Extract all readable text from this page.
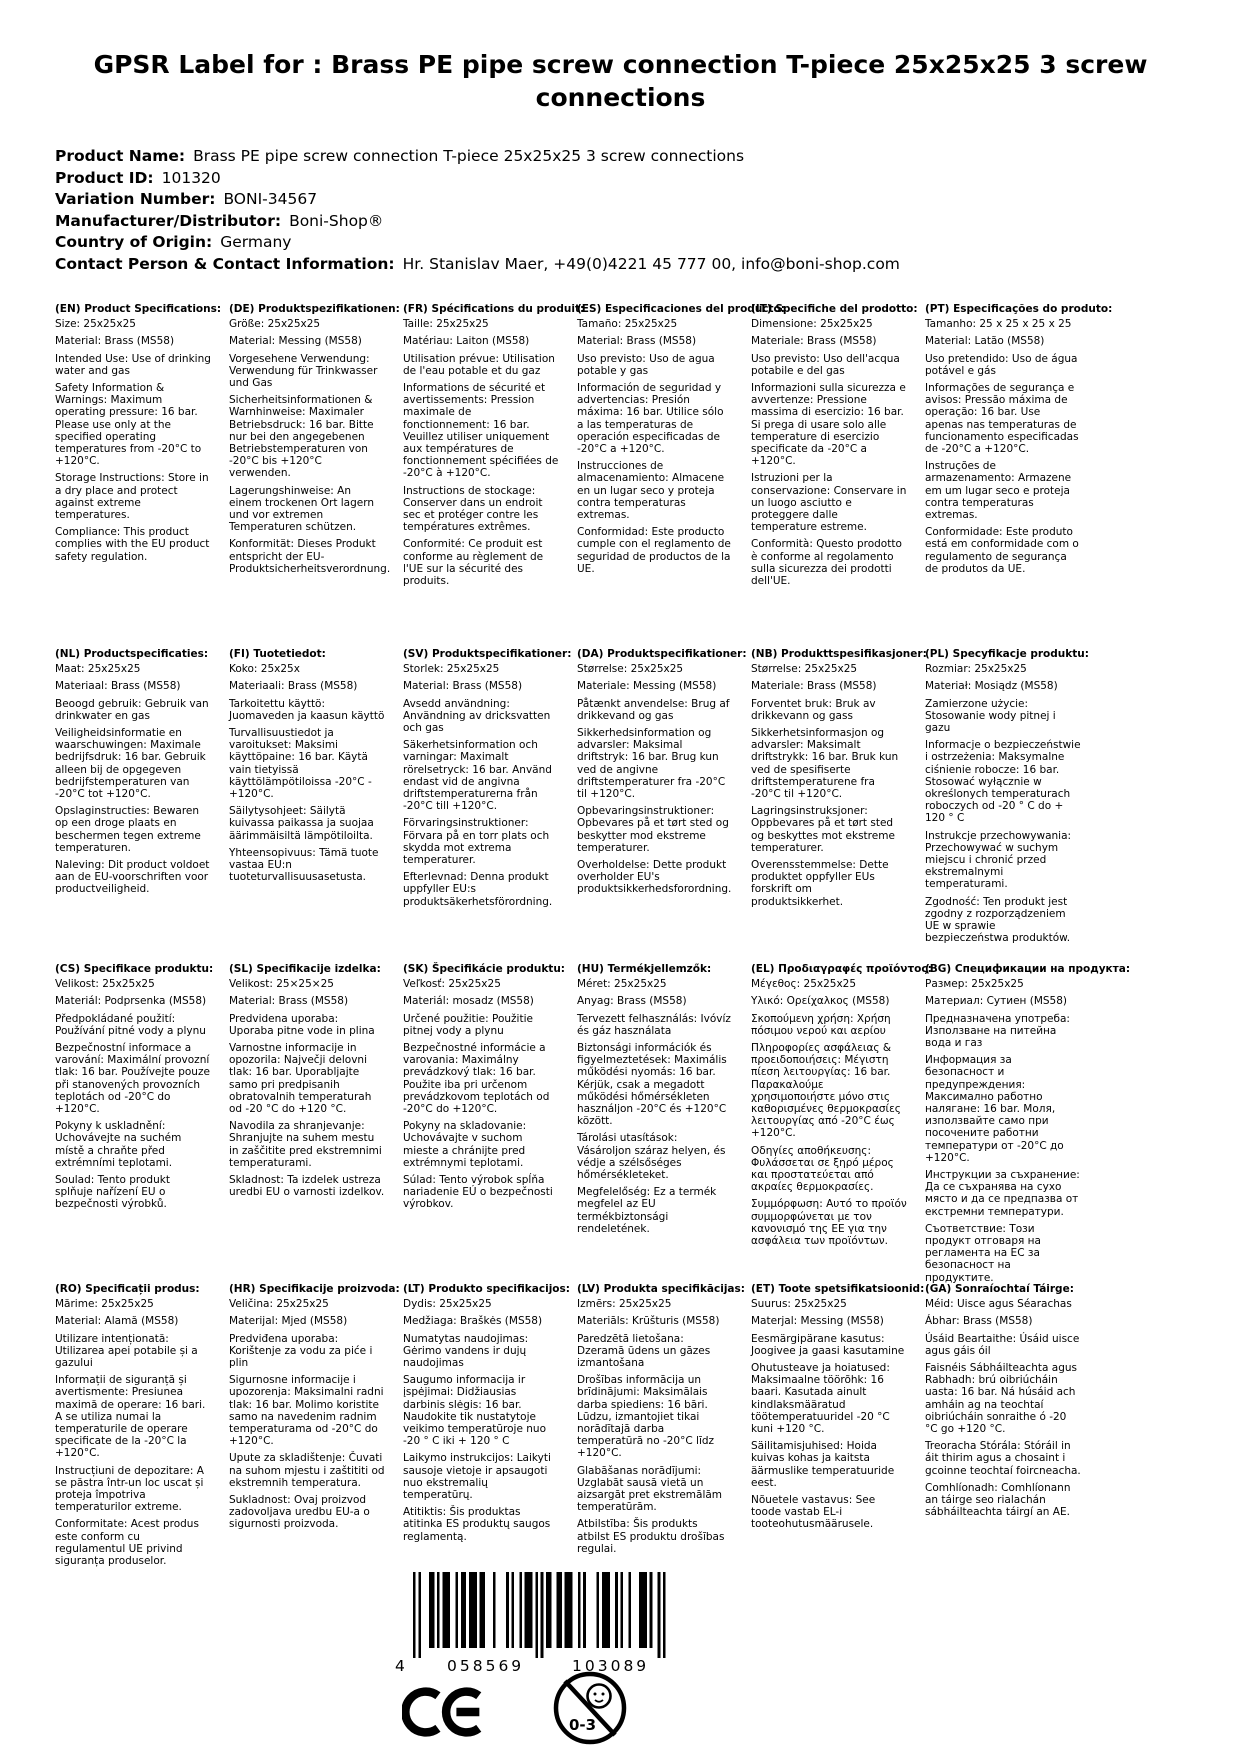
GPSR Label for : Brass PE pipe screw connection T-piece 25x25x25 3 screw connections
Product Name: Brass PE pipe screw connection T-piece 25x25x25 3 screw connections
Product ID: 101320
Variation Number: BONI-34567
Manufacturer/Distributor: Boni-Shop®
Country of Origin: Germany
Contact Person & Contact Information: Hr. Stanislav Maer, +49(0)4221 45 777 00, info@boni-shop.com
(EN) Product Specifications:

Size: 25x25x25

Material: Brass (MS58)

Intended Use: Use of drinking water and gas

Safety Information & Warnings: Maximum operating pressure: 16 bar. Please use only at the specified operating temperatures from -20°C to +120°C.

Storage Instructions: Store in a dry place and protect against extreme temperatures.

Compliance: This product complies with the EU product safety regulation.

(DE) Produktspezifikationen:

Größe: 25x25x25

Material: Messing (MS58)

Vorgesehene Verwendung: Verwendung für Trinkwasser und Gas

Sicherheitsinformationen & Warnhinweise: Maximaler Betriebsdruck: 16 bar. Bitte nur bei den angegebenen Betriebstemperaturen von -20°C bis +120°C verwenden.

Lagerungshinweise: An einem trockenen Ort lagern und vor extremen Temperaturen schützen.

Konformität: Dieses Produkt entspricht der EU-Produktsicherheitsverordnung.

(FR) Spécifications du produit:

Taille: 25x25x25

Matériau: Laiton (MS58)

Utilisation prévue: Utilisation de l'eau potable et du gaz

Informations de sécurité et avertissements: Pression maximale de fonctionnement: 16 bar. Veuillez utiliser uniquement aux températures de fonctionnement spécifiées de -20°C à +120°C.

Instructions de stockage: Conserver dans un endroit sec et protéger contre les températures extrêmes.

Conformité: Ce produit est conforme au règlement de l'UE sur la sécurité des produits.

(ES) Especificaciones del producto:

Tamaño: 25x25x25

Material: Brass (MS58)

Uso previsto: Uso de agua potable y gas

Información de seguridad y advertencias: Presión máxima: 16 bar. Utilice sólo a las temperaturas de operación especificadas de -20°C a +120°C.

Instrucciones de almacenamiento: Almacene en un lugar seco y proteja contra temperaturas extremas.

Conformidad: Este producto cumple con el reglamento de seguridad de productos de la UE.

(IT) Specifiche del prodotto:

Dimensione: 25x25x25

Materiale: Brass (MS58)

Uso previsto: Uso dell'acqua potabile e del gas

Informazioni sulla sicurezza e avvertenze: Pressione massima di esercizio: 16 bar. Si prega di usare solo alle temperature di esercizio specificate da -20°C a +120°C.

Istruzioni per la conservazione: Conservare in un luogo asciutto e proteggere dalle temperature estreme.

Conformità: Questo prodotto è conforme al regolamento sulla sicurezza dei prodotti dell'UE.

(PT) Especificações do produto:

Tamanho: 25 x 25 x 25 x 25

Material: Latão (MS58)

Uso pretendido: Uso de água potável e gás

Informações de segurança e avisos: Pressão máxima de operação: 16 bar. Use apenas nas temperaturas de funcionamento especificadas de -20°C a +120°C.

Instruções de armazenamento: Armazene em um lugar seco e proteja contra temperaturas extremas.

Conformidade: Este produto está em conformidade com o regulamento de segurança de produtos da UE.

(NL) Productspecificaties:

Maat: 25x25x25

Materiaal: Brass (MS58)

Beoogd gebruik: Gebruik van drinkwater en gas

Veiligheidsinformatie en waarschuwingen: Maximale bedrijfsdruk: 16 bar. Gebruik alleen bij de opgegeven bedrijfstemperaturen van -20°C tot +120°C.

Opslaginstructies: Bewaren op een droge plaats en beschermen tegen extreme temperaturen.

Naleving: Dit product voldoet aan de EU-voorschriften voor productveiligheid.

(FI) Tuotetiedot:

Koko: 25x25x

Materiaali: Brass (MS58)

Tarkoitettu käyttö: Juomaveden ja kaasun käyttö

Turvallisuustiedot ja varoitukset: Maksimi käyttöpaine: 16 bar. Käytä vain tietyissä käyttölämpötiloissa -20°C - +120°C.

Säilytysohjeet: Säilytä kuivassa paikassa ja suojaa äärimmäisiltä lämpötiloilta.

Yhteensopivuus: Tämä tuote vastaa EU:n tuoteturvallisuusasetusta.

(SV) Produktspecifikationer:

Storlek: 25x25x25

Material: Brass (MS58)

Avsedd användning: Användning av dricksvatten och gas

Säkerhetsinformation och varningar: Maximalt rörelsetryck: 16 bar. Använd endast vid de angivna driftstemperaturerna från -20°C till +120°C.

Förvaringsinstruktioner: Förvara på en torr plats och skydda mot extrema temperaturer.

Efterlevnad: Denna produkt uppfyller EU:s produktsäkerhetsförordning.

(DA) Produktspecifikationer:

Størrelse: 25x25x25

Materiale: Messing (MS58)

Påtænkt anvendelse: Brug af drikkevand og gas

Sikkerhedsinformation og advarsler: Maksimal driftstryk: 16 bar. Brug kun ved de angivne driftstemperaturer fra -20°C til +120°C.

Opbevaringsinstruktioner: Opbevares på et tørt sted og beskytter mod ekstreme temperaturer.

Overholdelse: Dette produkt overholder EU's produktsikkerhedsforordning.

(NB) Produkttspesifikasjoner:

Størrelse: 25x25x25

Materiale: Brass (MS58)

Forventet bruk: Bruk av drikkevann og gass

Sikkerhetsinformasjon og advarsler: Maksimalt driftstrykk: 16 bar. Bruk kun ved de spesifiserte driftstemperaturene fra -20°C til +120°C.

Lagringsinstruksjoner: Oppbevares på et tørt sted og beskyttes mot ekstreme temperaturer.

Overensstemmelse: Dette produktet oppfyller EUs forskrift om produktsikkerhet.

(PL) Specyfikacje produktu:

Rozmiar: 25x25x25

Materiał: Mosiądz (MS58)

Zamierzone użycie: Stosowanie wody pitnej i gazu

Informacje o bezpieczeństwie i ostrzeżenia: Maksymalne ciśnienie robocze: 16 bar. Stosować wyłącznie w określonych temperaturach roboczych od -20 ° C do + 120 ° C

Instrukcje przechowywania: Przechowywać w suchym miejscu i chronić przed ekstremalnymi temperaturami.

Zgodność: Ten produkt jest zgodny z rozporządzeniem UE w sprawie bezpieczeństwa produktów.

(CS) Specifikace produktu:

Velikost: 25x25x25

Materiál: Podprsenka (MS58)

Předpokládané použití: Používání pitné vody a plynu

Bezpečnostní informace a varování: Maximální provozní tlak: 16 bar. Používejte pouze při stanovených provozních teplotách od -20°C do +120°C.

Pokyny k uskladnění: Uchovávejte na suchém místě a chraňte před extrémními teplotami.

Soulad: Tento produkt splňuje nařízení EU o bezpečnosti výrobků.

(SL) Specifikacije izdelka:

Velikost: 25×25×25

Material: Brass (MS58)

Predvidena uporaba: Uporaba pitne vode in plina

Varnostne informacije in opozorila: Največji delovni tlak: 16 bar. Uporabljajte samo pri predpisanih obratovalnih temperaturah od -20 °C do +120 °C.

Navodila za shranjevanje: Shranjujte na suhem mestu in zaščitite pred ekstremnimi temperaturami.

Skladnost: Ta izdelek ustreza uredbi EU o varnosti izdelkov.

(SK) Špecifikácie produktu:

Veľkosť: 25x25x25

Materiál: mosadz (MS58)

Určené použitie: Použitie pitnej vody a plynu

Bezpečnostné informácie a varovania: Maximálny prevádzkový tlak: 16 bar. Použite iba pri určenom prevádzkovom teplotách od -20°C do +120°C.

Pokyny na skladovanie: Uchovávajte v suchom mieste a chránijte pred extrémnymi teplotami.

Súlad: Tento výrobok spĺňa nariadenie EÚ o bezpečnosti výrobkov.

(HU) Termékjellemzők:

Méret: 25x25x25

Anyag: Brass (MS58)

Tervezett felhasználás: Ivóvíz és gáz használata

Biztonsági információk és figyelmeztetések: Maximális működési nyomás: 16 bar. Kérjük, csak a megadott működési hőmérsékleten használjon -20°C és +120°C között.

Tárolási utasítások: Vásároljon száraz helyen, és védje a szélsőséges hőmérsékleteket.

Megfelelőség: Ez a termék megfelel az EU termékbiztonsági rendeletének.

(EL) Προδιαγραφές προϊόντος:

Μέγεθος: 25x25x25

Υλικό: Ορείχαλκος (MS58)

Σκοπούμενη χρήση: Χρήση πόσιμου νερού και αερίου

Πληροφορίες ασφάλειας & προειδοποιήσεις: Μέγιστη πίεση λειτουργίας: 16 bar. Παρακαλούμε χρησιμοποιήστε μόνο στις καθορισμένες θερμοκρασίες λειτουργίας από -20°C έως +120°C.

Οδηγίες αποθήκευσης: Φυλάσσεται σε ξηρό μέρος και προστατεύεται από ακραίες θερμοκρασίες.

Συμμόρφωση: Αυτό το προϊόν συμμορφώνεται με τον κανονισμό της ΕΕ για την ασφάλεια των προϊόντων.

(BG) Спецификации на продукта:

Размер: 25x25x25

Материал: Сутиен (MS58)

Предназначена употреба: Използване на питейна вода и газ

Информация за безопасност и предупреждения: Максимално работно налягане: 16 bar. Моля, използвайте само при посочените работни температури от -20°C до +120°C.

Инструкции за съхранение: Да се съхранява на сухо място и да се предпазва от екстремни температури.

Съответствие: Този продукт отговаря на регламента на ЕС за безопасност на продуктите.

(RO) Specificații produs:

Mărime: 25x25x25

Material: Alamă (MS58)

Utilizare intenționată: Utilizarea apei potabile și a gazului

Informații de siguranță și avertismente: Presiunea maximă de operare: 16 bari. A se utiliza numai la temperaturile de operare specificate de la -20°C la +120°C.

Instrucțiuni de depozitare: A se păstra într-un loc uscat și proteja împotriva temperaturilor extreme.

Conformitate: Acest produs este conform cu regulamentul UE privind siguranța produselor.

(HR) Specifikacije proizvoda:

Veličina: 25x25x25

Materijal: Mjed (MS58)

Predviđena uporaba: Korištenje za vodu za piće i plin

Sigurnosne informacije i upozorenja: Maksimalni radni tlak: 16 bar. Molimo koristite samo na navedenim radnim temperaturama od -20°C do +120°C.

Upute za skladištenje: Čuvati na suhom mjestu i zaštititi od ekstremnih temperatura.

Sukladnost: Ovaj proizvod zadovoljava uredbu EU-a o sigurnosti proizvoda.

(LT) Produkto specifikacijos:

Dydis: 25x25x25

Medžiaga: Braškės (MS58)

Numatytas naudojimas: Gėrimo vandens ir dujų naudojimas

Saugumo informacija ir įspėjimai: Didžiausias darbinis slėgis: 16 bar. Naudokite tik nustatytoje veikimo temperatūroje nuo -20 ° C iki + 120 ° C

Laikymo instrukcijos: Laikyti sausoje vietoje ir apsaugoti nuo ekstremalių temperatūrų.

Atitiktis: Šis produktas atitinka ES produktų saugos reglamentą.

(LV) Produkta specifikācijas:

Izmērs: 25x25x25

Materiāls: Krūšturis (MS58)

Paredzētā lietošana: Dzeramā ūdens un gāzes izmantošana

Drošības informācija un brīdinājumi: Maksimālais darba spiediens: 16 bāri. Lūdzu, izmantojiet tikai norādītajā darba temperatūrā no -20°C līdz +120°C.

Glabāšanas norādījumi: Uzglabāt sausā vietā un aizsargāt pret ekstremālām temperatūrām.

Atbilstība: Šis produkts atbilst ES produktu drošības regulai.

(ET) Toote spetsifikatsioonid:

Suurus: 25x25x25

Materjal: Messing (MS58)

Eesmärgipärane kasutus: Joogivee ja gaasi kasutamine

Ohutusteave ja hoiatused: Maksimaalne töörõhk: 16 baari. Kasutada ainult kindlaksmääratud töötemperatuuridel -20 °C kuni +120 °C.

Säilitamisjuhised: Hoida kuivas kohas ja kaitsta äärmuslike temperatuuride eest.

Nõuetele vastavus: See toode vastab EL-i tooteohutusmäärusele.

(GA) Sonraíochtaí Táirge:

Méid: Uisce agus Séarachas

Ábhar: Brass (MS58)

Úsáid Beartaithe: Úsáid uisce agus gáis óil

Faisnéis Sábháilteachta agus Rabhadh: brú oibriúcháin uasta: 16 bar. Ná húsáid ach amháin ag na teochtaí oibriúcháin sonraithe ó -20 °C go +120 °C.

Treoracha Stórála: Stóráil in áit thirim agus a chosaint i gcoinne teochtaí foircneacha.

Comhlíonadh: Comhlíonann an táirge seo rialachán sábháilteachta táirgí an AE.

4	058569	103089
0-3
